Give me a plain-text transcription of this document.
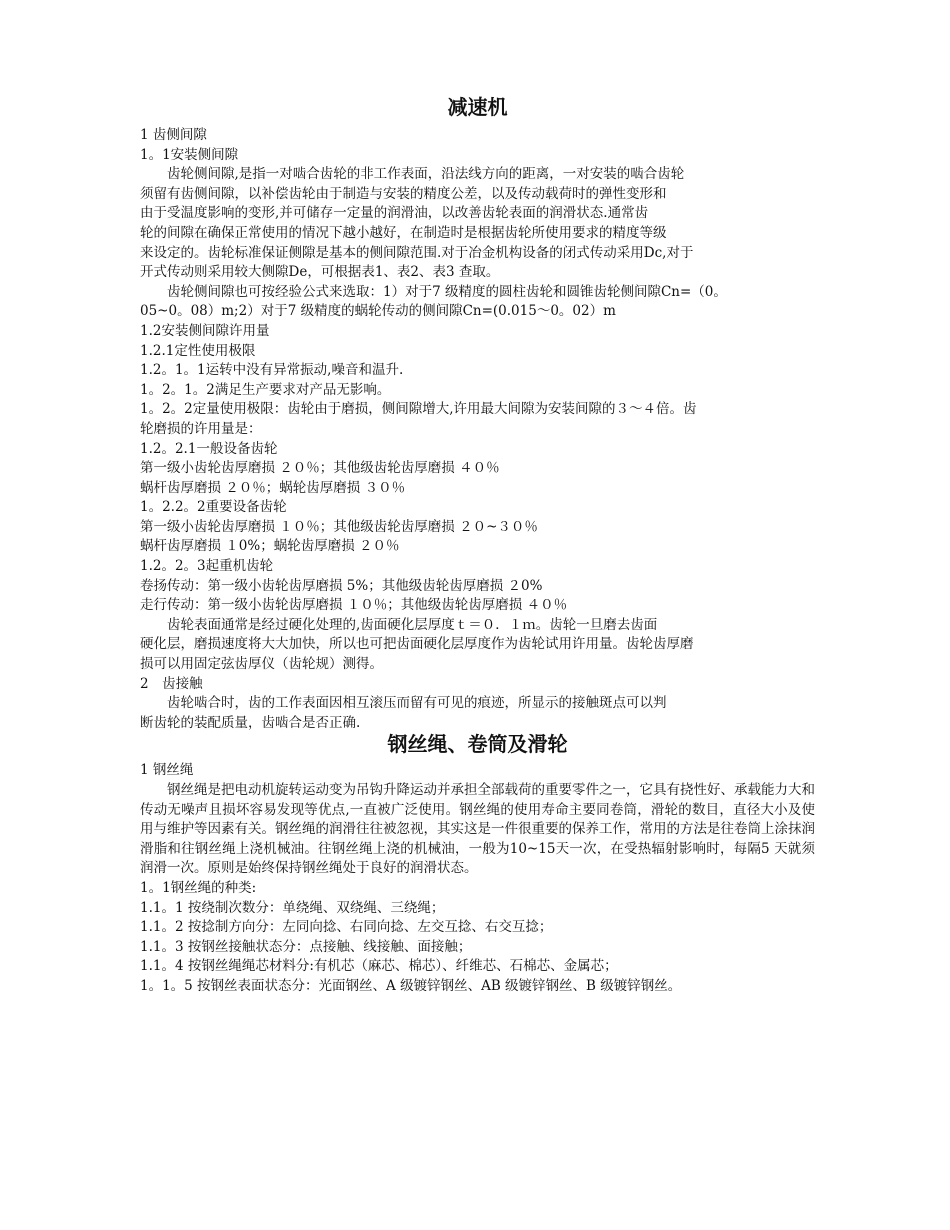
减速机

1 齿侧间隙

1。1安装侧间隙

齿轮侧间隙,是指一对啮合齿轮的非工作表面，沿法线方向的距离，一对安装的啮合齿轮

须留有齿侧间隙，以补偿齿轮由于制造与安装的精度公差，以及传动载荷时的弹性变形和

由于受温度影响的变形,并可储存一定量的润滑油，以改善齿轮表面的润滑状态.通常齿

轮的间隙在确保正常使用的情况下越小越好，在制造时是根据齿轮所使用要求的精度等级

来设定的。齿轮标准保证侧隙是基本的侧间隙范围.对于冶金机构设备的闭式传动采用Dc,对于

开式传动则采用较大侧隙De，可根据表1、表2、表3 查取。

齿轮侧间隙也可按经验公式来选取：1）对于7 级精度的圆柱齿轮和圆锥齿轮侧间隙Cn=（0。

05~0。08）m;2）对于7 级精度的蜗轮传动的侧间隙Cn=(0.015～0。02）m

1.2安装侧间隙许用量

1.2.1定性使用极限

1.2。1。1运转中没有异常振动,噪音和温升.

1。2。1。2满足生产要求对产品无影响。

1。2。2定量使用极限：齿轮由于磨损，侧间隙增大,许用最大间隙为安装间隙的３～４倍。齿

轮磨损的许用量是：

1.2。2.1一般设备齿轮

第一级小齿轮齿厚磨损 ２０％；其他级齿轮齿厚磨损 ４０％

蜗杆齿厚磨损 ２０％；蜗轮齿厚磨损 ３０％

1。2.2。2重要设备齿轮

第一级小齿轮齿厚磨损 １０％；其他级齿轮齿厚磨损 ２０~３０％

蜗杆齿厚磨损 １0%；蜗轮齿厚磨损 ２０％

1.2。2。3起重机齿轮

卷扬传动：第一级小齿轮齿厚磨损 5%；其他级齿轮齿厚磨损 ２0%

走行传动：第一级小齿轮齿厚磨损 １０％；其他级齿轮齿厚磨损 ４０％

齿轮表面通常是经过硬化处理的,齿面硬化层厚度ｔ＝０．１ｍ。齿轮一旦磨去齿面

硬化层，磨损速度将大大加快，所以也可把齿面硬化层厚度作为齿轮试用许用量。齿轮齿厚磨

损可以用固定弦齿厚仪（齿轮规）测得。

2　齿接触

齿轮啮合时，齿的工作表面因相互滚压而留有可见的痕迹，所显示的接触斑点可以判

断齿轮的装配质量，齿啮合是否正确.

钢丝绳、卷筒及滑轮

1 钢丝绳

钢丝绳是把电动机旋转运动变为吊钩升降运动并承担全部载荷的重要零件之一，它具有挠性好、承载能力大和传动无噪声且损坏容易发现等优点,一直被广泛使用。钢丝绳的使用寿命主要同卷筒，滑轮的数目，直径大小及使用与维护等因素有关。钢丝绳的润滑往往被忽视，其实这是一件很重要的保养工作，常用的方法是往卷筒上涂抹润滑脂和往钢丝绳上浇机械油。往钢丝绳上浇的机械油，一般为10~15天一次，在受热辐射影响时，每隔5 天就须润滑一次。原则是始终保持钢丝绳处于良好的润滑状态。

1。1钢丝绳的种类:

1.1。1 按绕制次数分：单绕绳、双绕绳、三绕绳；

1.1。2 按捻制方向分：左同向捻、右同向捻、左交互捻、右交互捻；

1.1。3 按钢丝接触状态分：点接触、线接触、面接触；

1.1。4 按钢丝绳绳芯材料分:有机芯（麻芯、棉芯）、纤维芯、石棉芯、金属芯；

1。1。5 按钢丝表面状态分：光面钢丝、A 级镀锌钢丝、AB 级镀锌钢丝、B 级镀锌钢丝。
